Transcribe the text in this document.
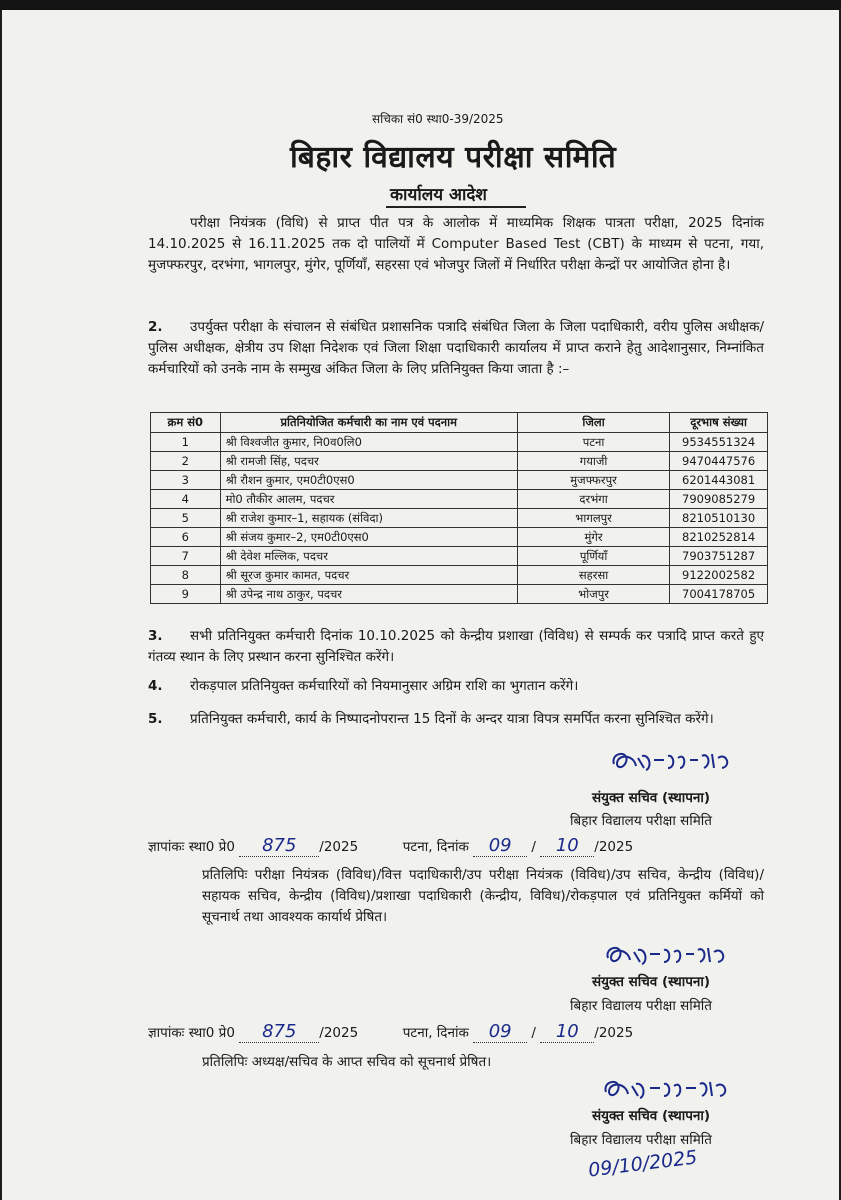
सचिका सं0 स्था0-39/2025
बिहार विद्यालय परीक्षा समिति
कार्यालय आदेश
परीक्षा नियंत्रक (विधि) से प्राप्त पीत पत्र के आलोक में माध्यमिक शिक्षक पात्रता परीक्षा, 2025 दिनांक 14.10.2025 से 16.11.2025 तक दो पालियों में Computer Based Test (CBT) के माध्यम से पटना, गया, मुजफ्फरपुर, दरभंगा, भागलपुर, मुंगेर, पूर्णियाँ, सहरसा एवं भोजपुर जिलों में निर्धारित परीक्षा केन्द्रों पर आयोजित होना है।
2. उपर्युक्त परीक्षा के संचालन से संबंधित प्रशासनिक पत्रादि संबंधित जिला के जिला पदाधिकारी, वरीय पुलिस अधीक्षक/पुलिस अधीक्षक, क्षेत्रीय उप शिक्षा निदेशक एवं जिला शिक्षा पदाधिकारी कार्यालय में प्राप्त कराने हेतु आदेशानुसार, निम्नांकित कर्मचारियों को उनके नाम के सम्मुख अंकित जिला के लिए प्रतिनियुक्त किया जाता है :–
क्रम सं0	प्रतिनियोजित कर्मचारी का नाम एवं पदनाम	जिला	दूरभाष संख्या
1	श्री विश्वजीत कुमार, नि0व0लि0	पटना	9534551324
2	श्री रामजी सिंह, पदचर	गयाजी	9470447576
3	श्री रौशन कुमार, एम0टी0एस0	मुजफ्फरपुर	6201443081
4	मो0 तौकीर आलम, पदचर	दरभंगा	7909085279
5	श्री राजेश कुमार–1, सहायक (संविदा)	भागलपुर	8210510130
6	श्री संजय कुमार–2, एम0टी0एस0	मुंगेर	8210252814
7	श्री देवेश मल्लिक, पदचर	पूर्णियाँ	7903751287
8	श्री सूरज कुमार कामत, पदचर	सहरसा	9122002582
9	श्री उपेन्द्र नाथ ठाकुर, पदचर	भोजपुर	7004178705
3. सभी प्रतिनियुक्त कर्मचारी दिनांक 10.10.2025 को केन्द्रीय प्रशाखा (विविध) से सम्पर्क कर पत्रादि प्राप्त करते हुए गंतव्य स्थान के लिए प्रस्थान करना सुनिश्चित करेंगे।
4. रोकड़पाल प्रतिनियुक्त कर्मचारियों को नियमानुसार अग्रिम राशि का भुगतान करेंगे।
5. प्रतिनियुक्त कर्मचारी, कार्य के निष्पादनोपरान्त 15 दिनों के अन्दर यात्रा विपत्र समर्पित करना सुनिश्चित करेंगे।
संयुक्त सचिव (स्थापना)
बिहार विद्यालय परीक्षा समिति
ज्ञापांकः स्था0 प्रे0 875 /2025	पटना, दिनांक 09 / 10 /2025
प्रतिलिपिः परीक्षा नियंत्रक (विविध)/वित्त पदाधिकारी/उप परीक्षा नियंत्रक (विविध)/उप सचिव, केन्द्रीय (विविध)/सहायक सचिव, केन्द्रीय (विविध)/प्रशाखा पदाधिकारी (केन्द्रीय, विविध)/रोकड़पाल एवं प्रतिनियुक्त कर्मियों को सूचनार्थ तथा आवश्यक कार्यार्थ प्रेषित।
संयुक्त सचिव (स्थापना)
बिहार विद्यालय परीक्षा समिति
ज्ञापांकः स्था0 प्रे0 875 /2025	पटना, दिनांक 09 / 10 /2025
प्रतिलिपिः अध्यक्ष/सचिव के आप्त सचिव को सूचनार्थ प्रेषित।
संयुक्त सचिव (स्थापना)
बिहार विद्यालय परीक्षा समिति
09/10/2025
